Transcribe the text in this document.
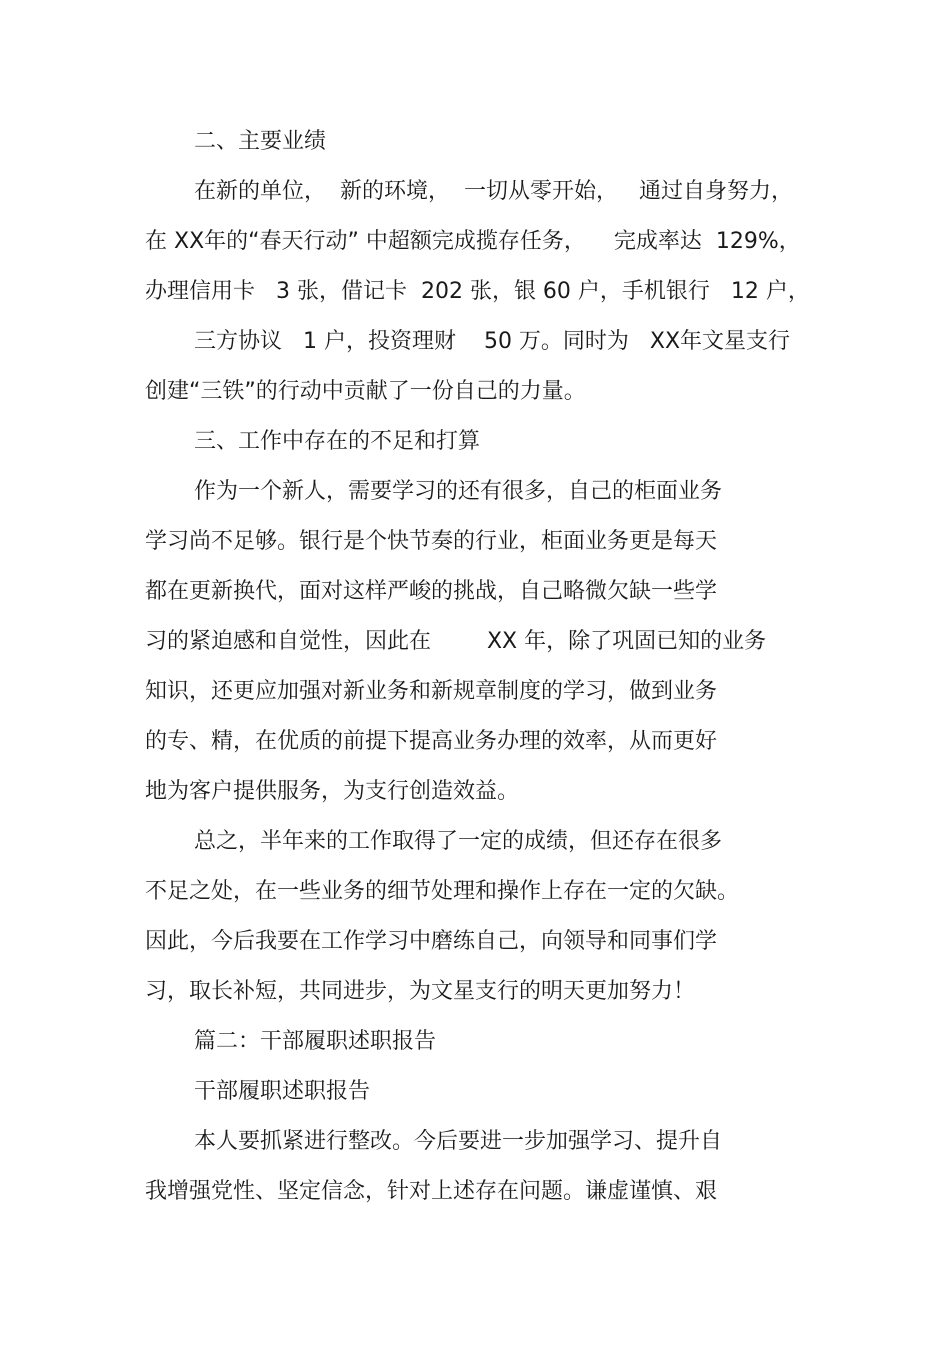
二、主要业绩
在新的单位，  新的环境，  一切从零开始，   通过自身努力，
在 XX年的“春天行动” 中超额完成揽存任务，    完成率达  129%，
办理信用卡   3 张，借记卡  202 张，银 60 户，手机银行   12 户，
三方协议   1 户，投资理财    50 万。同时为   XX年文星支行
创建“三铁”的行动中贡献了一份自己的力量。
三、工作中存在的不足和打算
作为一个新人，需要学习的还有很多，自己的柜面业务
学习尚不足够。银行是个快节奏的行业，柜面业务更是每天
都在更新换代，面对这样严峻的挑战，自己略微欠缺一些学
习的紧迫感和自觉性，因此在        XX 年，除了巩固已知的业务
知识，还更应加强对新业务和新规章制度的学习，做到业务
的专、精，在优质的前提下提高业务办理的效率，从而更好
地为客户提供服务，为支行创造效益。
总之，半年来的工作取得了一定的成绩，但还存在很多
不足之处，在一些业务的细节处理和操作上存在一定的欠缺。
因此，今后我要在工作学习中磨练自己，向领导和同事们学
习，取长补短，共同进步，为文星支行的明天更加努力！
篇二：干部履职述职报告
干部履职述职报告
本人要抓紧进行整改。今后要进一步加强学习、提升自
我增强党性、坚定信念，针对上述存在问题。谦虚谨慎、艰
